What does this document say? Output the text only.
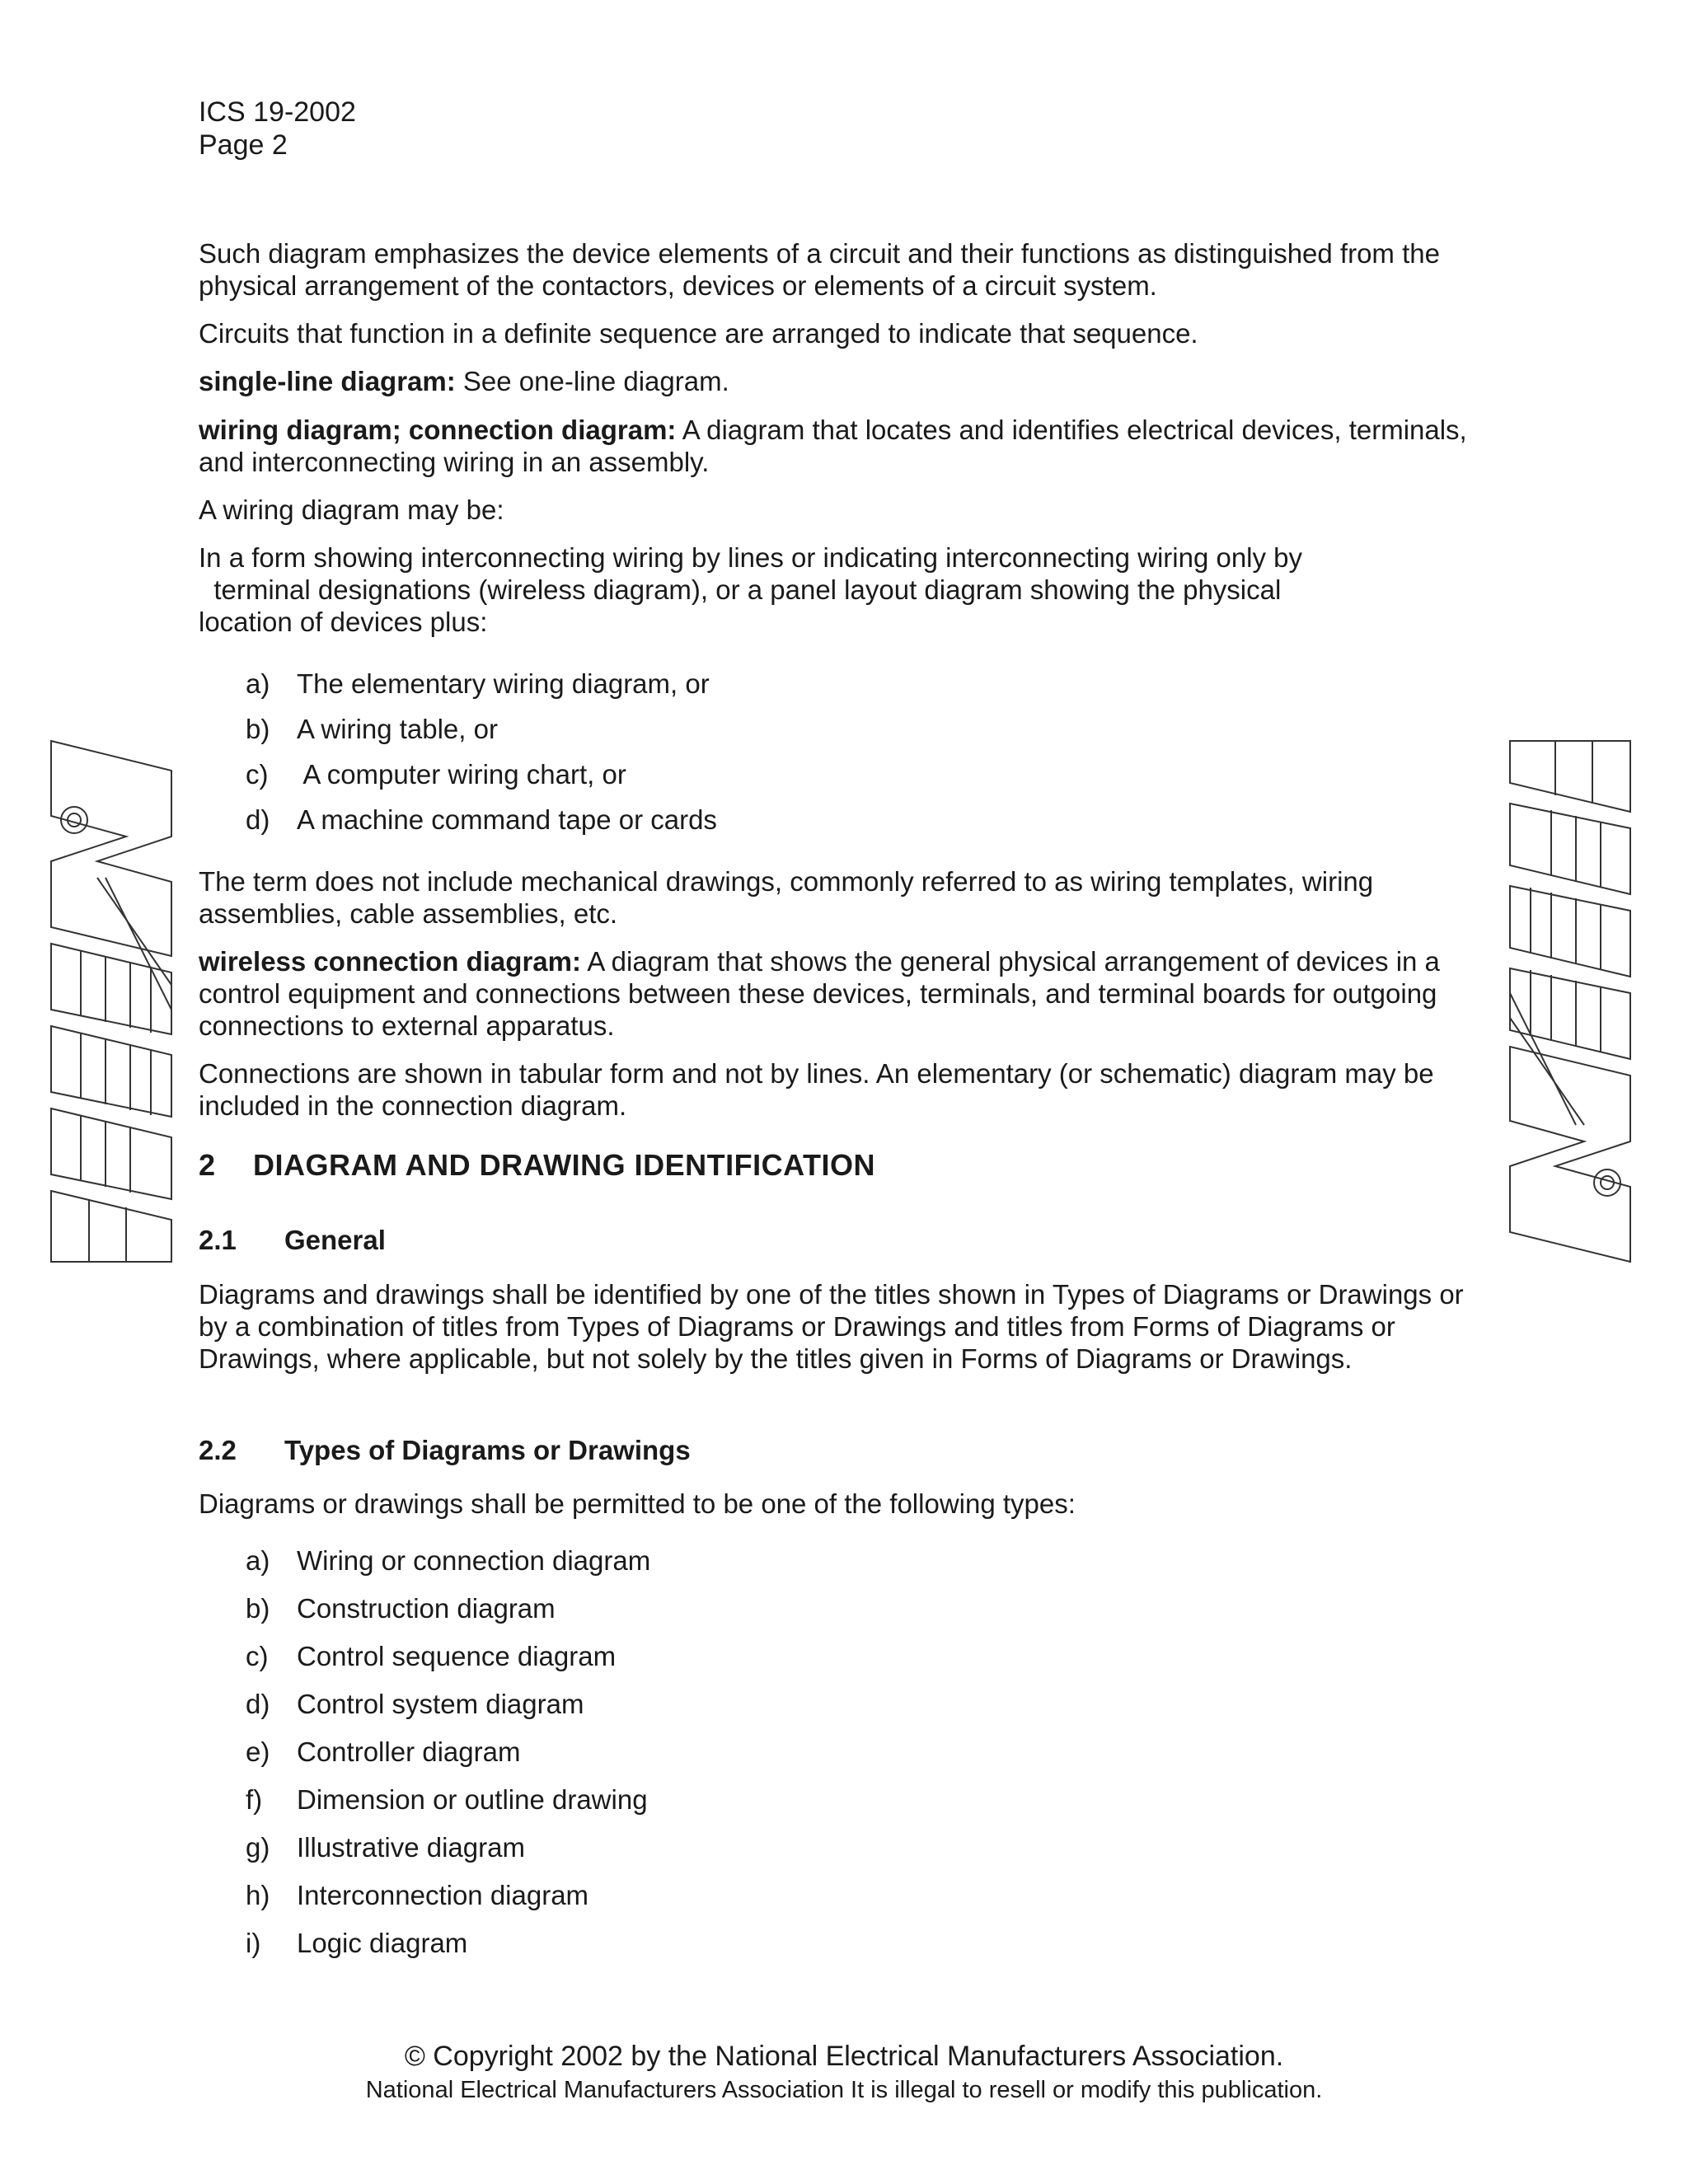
ICS 19-2002
Page 2

Such diagram emphasizes the device elements of a circuit and their functions as distinguished from the physical arrangement of the contactors, devices or elements of a circuit system.

Circuits that function in a definite sequence are arranged to indicate that sequence.

single-line diagram: See one-line diagram.

wiring diagram; connection diagram: A diagram that locates and identifies electrical devices, terminals, and interconnecting wiring in an assembly.

A wiring diagram may be:

In a form showing interconnecting wiring by lines or indicating interconnecting wiring only by
terminal designations (wireless diagram), or a panel layout diagram showing the physical
location of devices plus:
a) The elementary wiring diagram, or
b) A wiring table, or
c) A computer wiring chart, or
d) A machine command tape or cards

The term does not include mechanical drawings, commonly referred to as wiring templates, wiring assemblies, cable assemblies, etc.

wireless connection diagram: A diagram that shows the general physical arrangement of devices in a control equipment and connections between these devices, terminals, and terminal boards for outgoing connections to external apparatus.

Connections are shown in tabular form and not by lines. An elementary (or schematic) diagram may be included in the connection diagram.

2 DIAGRAM AND DRAWING IDENTIFICATION
2.1 General

Diagrams and drawings shall be identified by one of the titles shown in Types of Diagrams or Drawings or by a combination of titles from Types of Diagrams or Drawings and titles from Forms of Diagrams or Drawings, where applicable, but not solely by the titles given in Forms of Diagrams or Drawings.

2.2 Types of Diagrams or Drawings

Diagrams or drawings shall be permitted to be one of the following types:

a) Wiring or connection diagram
b) Construction diagram
c) Control sequence diagram
d) Control system diagram
e) Controller diagram
f) Dimension or outline drawing
g) Illustrative diagram
h) Interconnection diagram
i) Logic diagram
© Copyright 2002 by the National Electrical Manufacturers Association.
National Electrical Manufacturers Association It is illegal to resell or modify this publication.
